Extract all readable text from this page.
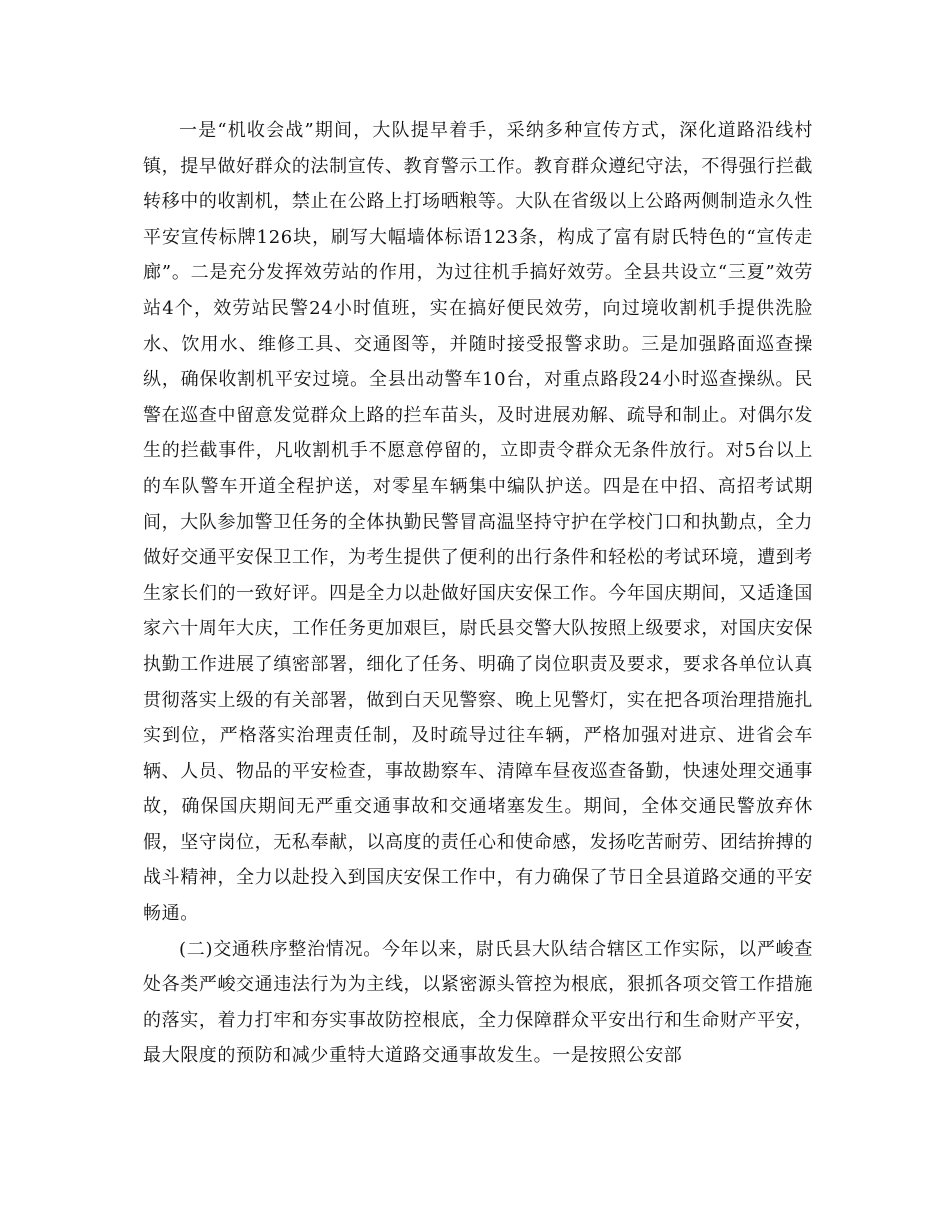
一是“机收会战”期间，大队提早着手，采纳多种宣传方式，深化道路沿线村镇，提早做好群众的法制宣传、教育警示工作。教育群众遵纪守法，不得强行拦截转移中的收割机，禁止在公路上打场晒粮等。大队在省级以上公路两侧制造永久性平安宣传标牌126块，刷写大幅墙体标语123条，构成了富有尉氏特色的“宣传走廊”。二是充分发挥效劳站的作用，为过往机手搞好效劳。全县共设立“三夏”效劳站4个，效劳站民警24小时值班，实在搞好便民效劳，向过境收割机手提供洗脸水、饮用水、维修工具、交通图等，并随时接受报警求助。三是加强路面巡查操纵，确保收割机平安过境。全县出动警车10台，对重点路段24小时巡查操纵。民警在巡查中留意发觉群众上路的拦车苗头，及时进展劝解、疏导和制止。对偶尔发生的拦截事件，凡收割机手不愿意停留的，立即责令群众无条件放行。对5台以上的车队警车开道全程护送，对零星车辆集中编队护送。四是在中招、高招考试期间，大队参加警卫任务的全体执勤民警冒高温坚持守护在学校门口和执勤点，全力做好交通平安保卫工作，为考生提供了便利的出行条件和轻松的考试环境，遭到考生家长们的一致好评。四是全力以赴做好国庆安保工作。今年国庆期间，又适逢国家六十周年大庆，工作任务更加艰巨，尉氏县交警大队按照上级要求，对国庆安保执勤工作进展了缜密部署，细化了任务、明确了岗位职责及要求，要求各单位认真贯彻落实上级的有关部署，做到白天见警察、晚上见警灯，实在把各项治理措施扎实到位，严格落实治理责任制，及时疏导过往车辆，严格加强对进京、进省会车辆、人员、物品的平安检查，事故勘察车、清障车昼夜巡查备勤，快速处理交通事故，确保国庆期间无严重交通事故和交通堵塞发生。期间，全体交通民警放弃休假，坚守岗位，无私奉献，以高度的责任心和使命感，发扬吃苦耐劳、团结拚搏的战斗精神，全力以赴投入到国庆安保工作中，有力确保了节日全县道路交通的平安畅通。

(二)交通秩序整治情况。今年以来，尉氏县大队结合辖区工作实际，以严峻查处各类严峻交通违法行为为主线，以紧密源头管控为根底，狠抓各项交管工作措施的落实，着力打牢和夯实事故防控根底，全力保障群众平安出行和生命财产平安，最大限度的预防和减少重特大道路交通事故发生。一是按照公安部
